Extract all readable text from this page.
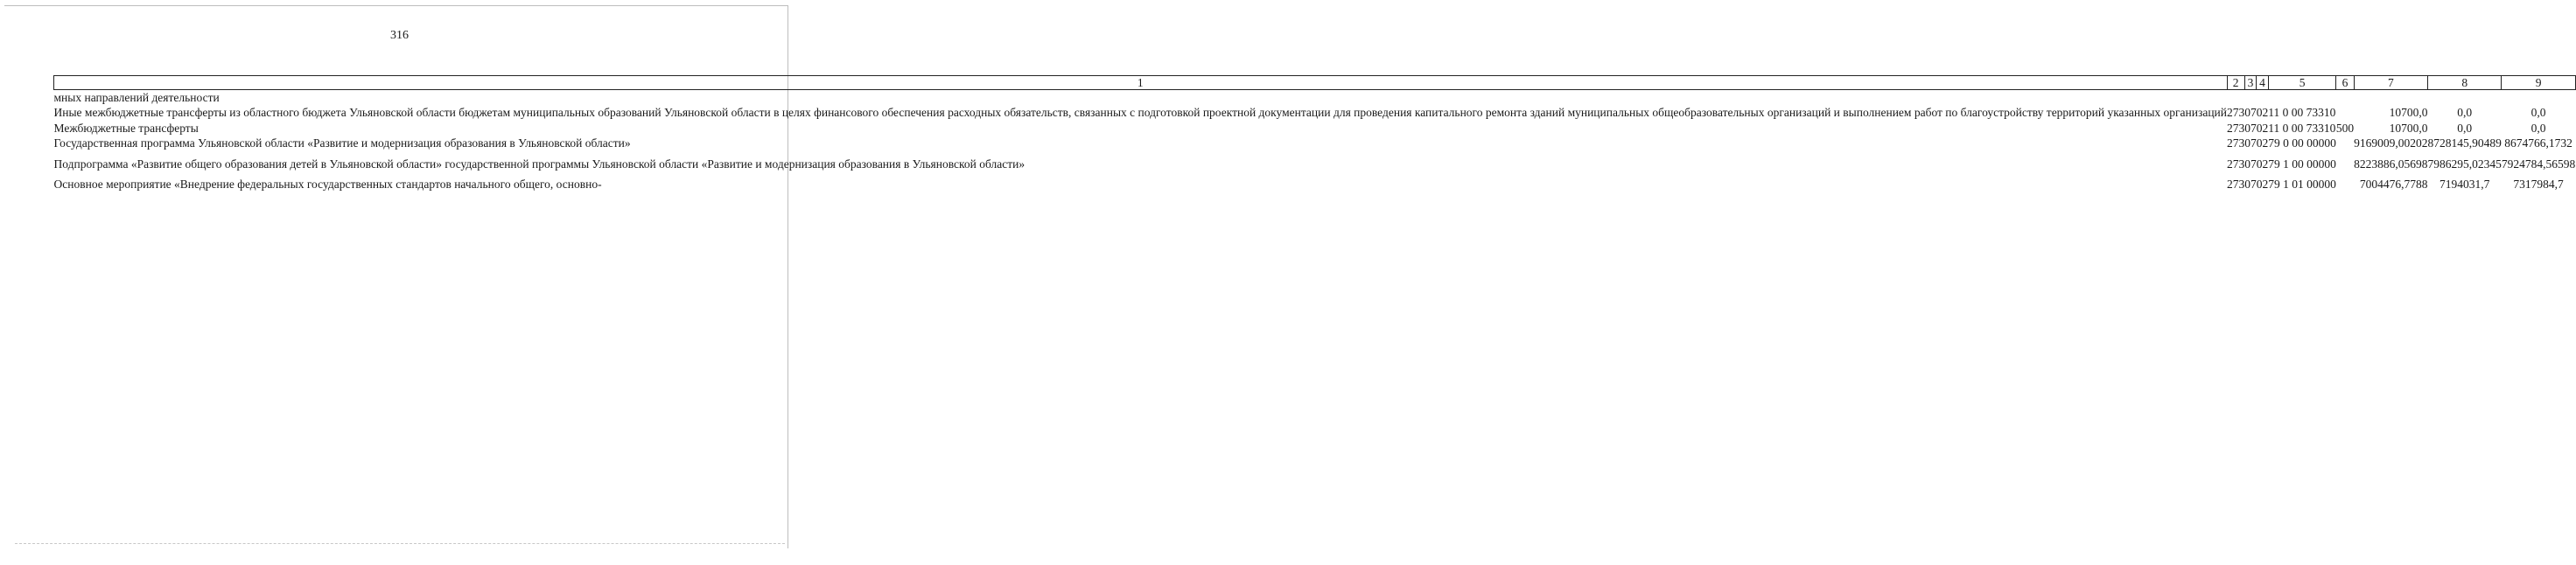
316
1	2	3	4	5	6	7	8	9
мных направлений деятельности								
Иные межбюджетные трансферты из областного бюджета Ульяновской области бюджетам муниципальных образований Ульяновской области в целях финансового обеспечения расходных обязательств, связанных с подготовкой проектной документации для проведения капитального ремонта зданий муниципальных общеобразовательных организаций и выполнением работ по благоустройству территорий указанных организаций	273	07	02	11 0 00 73310		10700,0	0,0	0,0
Межбюджетные трансферты	273	07	02	11 0 00 73310	500	10700,0	0,0	0,0
Государственная программа Ульяновской области «Развитие и модернизация образования в Ульяновской области»	273	07	02	79 0 00 00000		9169009,00202	8728145,90489	8674766,1732
Подпрограмма «Развитие общего образования детей в Ульяновской области» государственной программы Ульяновской области «Развитие и модернизация образования в Ульяновской области»	273	07	02	79 1 00 00000		8223886,05698	7986295,02345	7924784,56598
Основное мероприятие «Внедрение федеральных государственных стандартов начального общего, основно-	273	07	02	79 1 01 00000		7004476,7788	7194031,7	7317984,7
